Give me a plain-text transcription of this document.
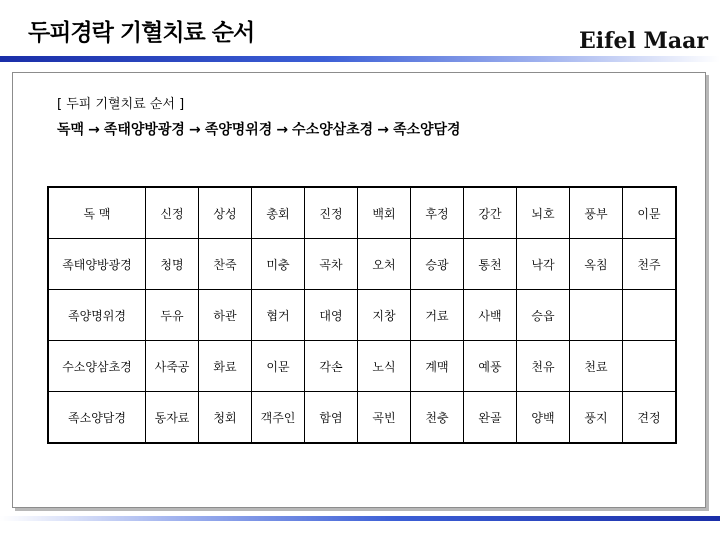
두피경락 기혈치료 순서	Eifel Maar
[ 두피 기혈치료 순서 ]
독맥 → 족태양방광경 → 족양명위경 → 수소양삼초경 → 족소양담경
독 맥	신정	상성	총회	진정	백회	후정	강간	뇌호	풍부	이문
족태양방광경	청명	찬죽	미충	곡차	오처	승광	통천	낙각	옥침	천주
족양명위경	두유	하관	협거	대영	지창	거료	사백	승읍		
수소양삼초경	사죽공	화료	이문	각손	노식	계맥	예풍	천유	천료	
족소양담경	동자료	청회	객주인	함염	곡빈	천충	완골	양백	풍지	견정
